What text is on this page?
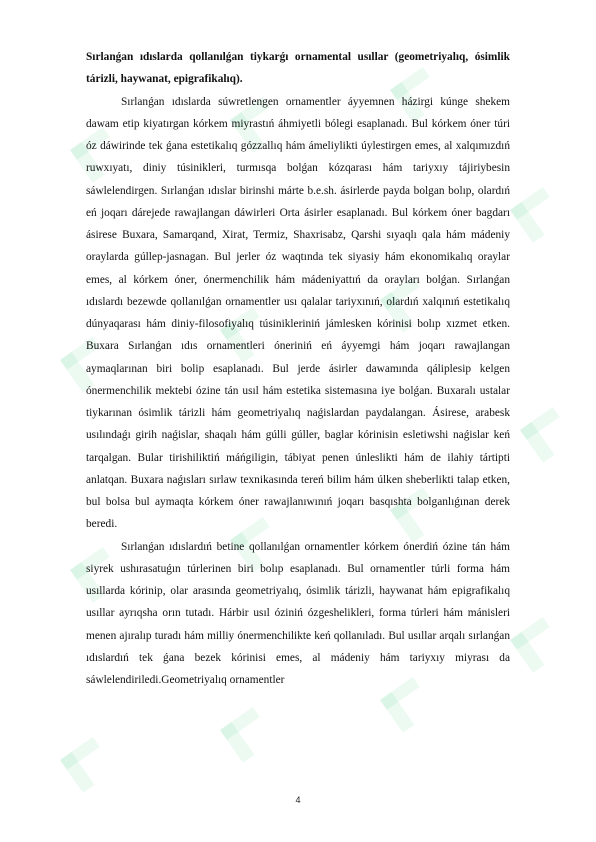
Sırlanǵan ıdıslarda qollanılǵan tiykarǵı ornamental usıllar (geometriyalıq, ósimlik tárizli, haywanat, epigrafikalıq).

Sırlanǵan ıdıslarda súwretlengen ornamentler áyyemnen házirgi kúnge shekem dawam etip kiyatırgan kórkem miyrastıń áhmiyetli bólegi esaplanadı. Bul kórkem óner túri óz dáwirinde tek ǵana estetikalıq gózzallıq hám ámeliylikti úylestirgen emes, al xalqımızdıń ruwxıyatı, diniy túsinikleri, turmısqa bolǵan kózqarası hám tariyxıy tájiriybesin sáwlelendirgen. Sırlanǵan ıdıslar birinshi márte b.e.sh. ásirlerde payda bolgan bolıp, olardıń eń joqarı dárejede rawajlangan dáwirleri Orta ásirler esaplanadı. Bul kórkem óner bagdarı ásirese Buxara, Samarqand, Xirat, Termiz, Shaxrisabz, Qarshi sıyaqlı qala hám mádeniy oraylarda gúllep-jasnagan. Bul jerler óz waqtında tek siyasiy hám ekonomikalıq oraylar emes, al kórkem óner, ónermenchilik hám mádeniyattıń da orayları bolǵan. Sırlanǵan ıdıslardı bezewde qollanılǵan ornamentler usı qalalar tariyxınıń, olardıń xalqınıń estetikalıq dúnyaqarası hám diniy-filosofiyalıq túsinikleriniń jámlesken kórinisi bolıp xızmet etken. Buxara Sırlanǵan ıdıs ornamentleri óneriniń eń áyyemgi hám joqarı rawajlangan aymaqlarınan biri bolip esaplanadı. Bul jerde ásirler dawamında qáliplesip kelgen ónermenchilik mektebi ózine tán usıl hám estetika sistemasına iye bolǵan. Buxaralı ustalar tiykarınan ósimlik tárizli hám geometriyalıq naǵislardan paydalangan. Ásirese, arabesk usılındaǵı girih naǵislar, shaqalı hám gúlli gúller, baglar kórinisin esletiwshi naǵislar keń tarqalgan. Bular tirishiliktiń máńgiligin, tábiyat penen únleslikti hám de ilahiy tártipti anlatqan. Buxara naǵısları sırlaw texnikasında tereń bilim hám úlken sheberlikti talap etken, bul bolsa bul aymaqta kórkem óner rawajlanıwınıń joqarı basqıshta bolganlıǵınan derek beredi.

Sırlanǵan ıdıslardıń betine qollanılǵan ornamentler kórkem ónerdiń ózine tán hám siyrek ushırasatuǵın túrlerinen biri bolıp esaplanadı. Bul ornamentler túrli forma hám usıllarda kórinip, olar arasında geometriyalıq, ósimlik tárizli, haywanat hám epigrafikalıq usıllar ayrıqsha orın tutadı. Hárbir usıl óziniń ózgeshelikleri, forma túrleri hám mánisleri menen ajıralıp turadı hám milliy ónermenchilikte keń qollanıladı. Bul usıllar arqalı sırlanǵan ıdıslardıń tek ǵana bezek kórinisi emes, al mádeniy hám tariyxıy miyrası da sáwlelendiriledi.Geometriyalıq ornamentler

4
